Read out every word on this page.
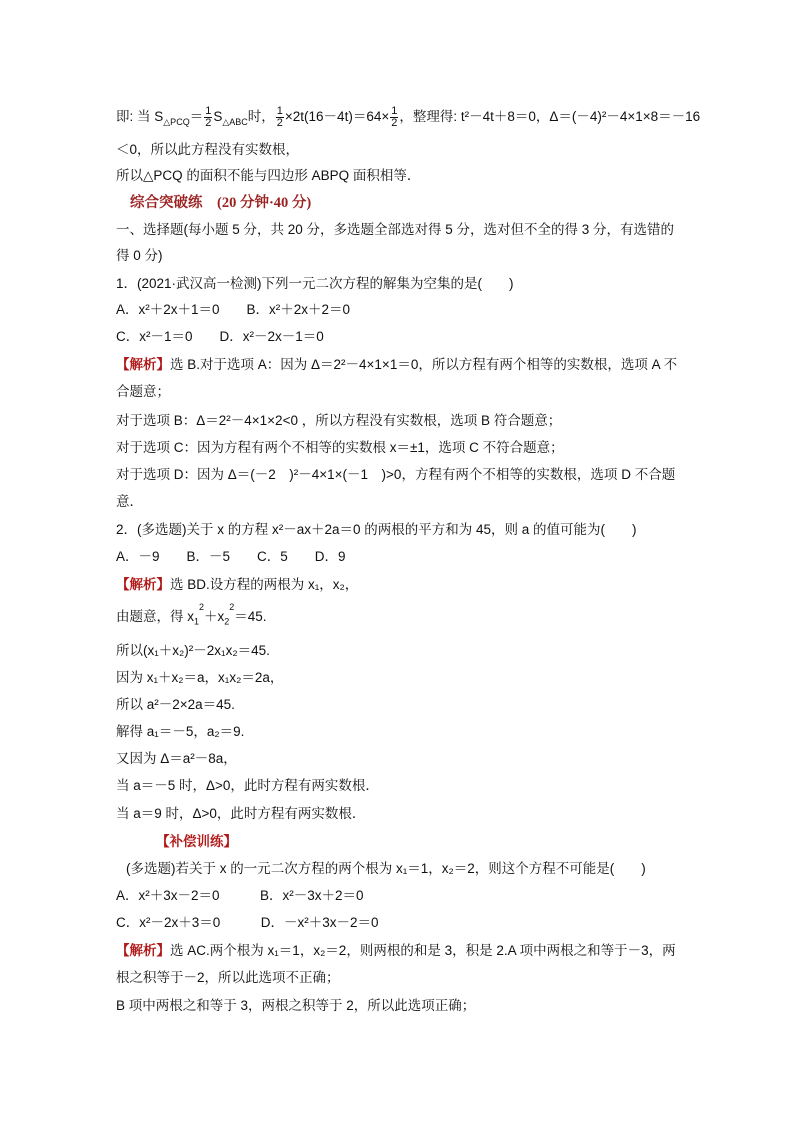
即: 当 $S_{\triangle PCQ}= \frac{1}{2} S_{\triangle ABC}$时， $\frac{1}{2} \times 2t(16-4t)=64\times \frac{1}{2}$ ，整理得: t²－4t＋8＝0，Δ＝(－4)²－4×1×8＝－16
＜0，所以此方程没有实数根，
所以△PCQ 的面积不能与四边形 ABPQ 面积相等．
综合突破练　(20 分钟·40 分)
一、选择题(每小题 5 分，共 20 分，多选题全部选对得 5 分，选对但不全的得 3 分，有选错的
得 0 分)
1．(2021·武汉高一检测)下列一元二次方程的解集为空集的是(　　)
A．x²＋2x＋1＝0　　B．x²＋2x＋2＝0
C．x²－1＝0　　D．x²－2x－1＝0
【解析】选 B.对于选项 A：因为 Δ＝2²－4×1×1＝0，所以方程有两个相等的实数根，选项 A 不
合题意；
对于选项 B：Δ＝2²－4×1×2<0 ，所以方程没有实数根，选项 B 符合题意；
对于选项 C：因为方程有两个不相等的实数根 x＝±1，选项 C 不符合题意；
对于选项 D：因为 Δ＝(－2　)²－4×1×(－1　)>0，方程有两个不相等的实数根，选项 D 不合题
意．
2．(多选题)关于 x 的方程 x²－ax＋2a＝0 的两根的平方和为 45，则 a 的值可能为(　　)
A．－9　　B．－5　　C．5　　D．9
【解析】选 BD.设方程的两根为 x₁，x₂，
由题意，得 x
2
$_1$ ＋x
2
$_2$ ＝45.
所以(x₁＋x₂)²－2x₁x₂＝45.
因为 x₁＋x₂＝a，x₁x₂＝2a，
所以 a²－2×2a＝45.
解得 a₁＝－5，a₂＝9.
又因为 Δ＝a²－8a，
当 a＝－5 时，Δ>0，此时方程有两实数根．
当 a＝9 时，Δ>0，此时方程有两实数根．
【补偿训练】
(多选题)若关于 x 的一元二次方程的两个根为 x₁＝1，x₂＝2，则这个方程不可能是(　　)
A．x²＋3x－2＝0　　　B．x²－3x＋2＝0
C．x²－2x＋3＝0　　　D．－x²＋3x－2＝0
【解析】选 AC.两个根为 x₁＝1，x₂＝2，则两根的和是 3，积是 2.A 项中两根之和等于－3，两
根之积等于－2，所以此选项不正确；
B 项中两根之和等于 3，两根之积等于 2，所以此选项正确；
